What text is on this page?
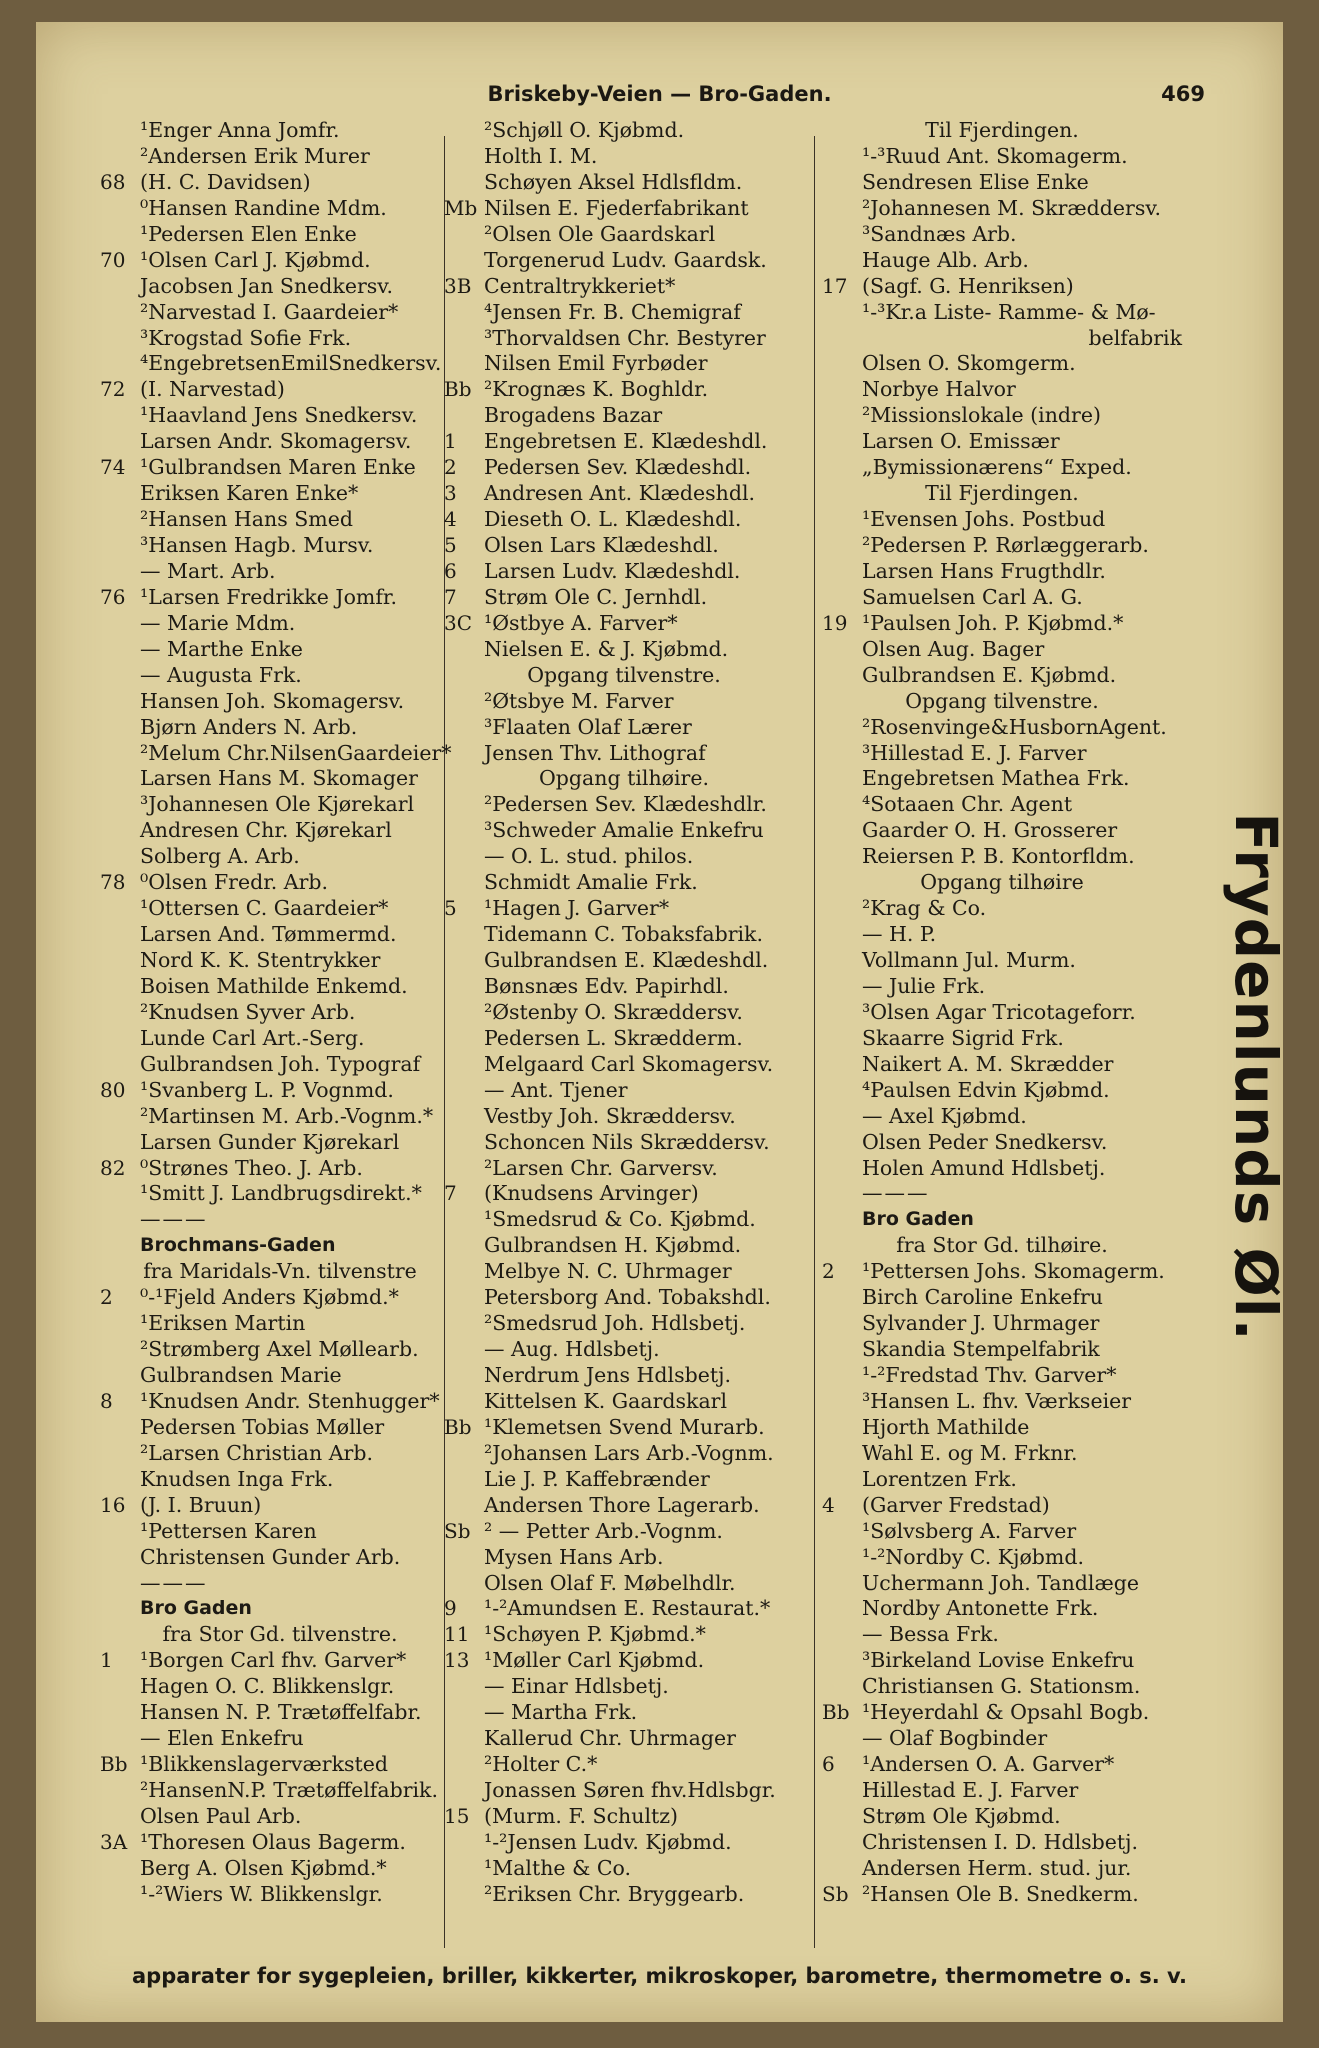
Briskeby-Veien — Bro-Gaden.	469
¹Enger Anna Jomfr.
²Andersen Erik Murer
68 (H. C. Davidsen)
⁰Hansen Randine Mdm.
¹Pedersen Elen Enke
70 ¹Olsen Carl J. Kjøbmd.
Jacobsen Jan Snedkersv.
²Narvestad I. Gaardeier*
³Krogstad Sofie Frk.
⁴EngebretsenEmilSnedkersv.
72 (I. Narvestad)
¹Haavland Jens Snedkersv.
Larsen Andr. Skomagersv.
74 ¹Gulbrandsen Maren Enke
Eriksen Karen Enke*
²Hansen Hans Smed
³Hansen Hagb. Mursv.
— Mart. Arb.
76 ¹Larsen Fredrikke Jomfr.
— Marie Mdm.
— Marthe Enke
— Augusta Frk.
Hansen Joh. Skomagersv.
Bjørn Anders N. Arb.
²Melum Chr.NilsenGaardeier*
Larsen Hans M. Skomager
³Johannesen Ole Kjørekarl
Andresen Chr. Kjørekarl
Solberg A. Arb.
78 ⁰Olsen Fredr. Arb.
¹Ottersen C. Gaardeier*
Larsen And. Tømmermd.
Nord K. K. Stentrykker
Boisen Mathilde Enkemd.
²Knudsen Syver Arb.
Lunde Carl Art.-Serg.
Gulbrandsen Joh. Typograf
80 ¹Svanberg L. P. Vognmd.
²Martinsen M. Arb.-Vognm.*
Larsen Gunder Kjørekarl
82 ⁰Strønes Theo. J. Arb.
¹Smitt J. Landbrugsdirekt.*
———
Brochmans-Gaden
fra Maridals-Vn. tilvenstre
2	⁰-¹Fjeld Anders Kjøbmd.*
¹Eriksen Martin
²Strømberg Axel Møllearb.
Gulbrandsen Marie
8	¹Knudsen Andr. Stenhugger*
Pedersen Tobias Møller
²Larsen Christian Arb.
Knudsen Inga Frk.
16 (J. I. Bruun)
¹Pettersen Karen
Christensen Gunder Arb.
———
Bro Gaden
fra Stor Gd. tilvenstre.
1	¹Borgen Carl fhv. Garver*
Hagen O. C. Blikkenslgr.
Hansen N. P. Trætøffelfabr.
— Elen Enkefru
Bb ¹Blikkenslagerværksted
²HansenN.P. Trætøffelfabrik.
Olsen Paul Arb.
3A ¹Thoresen Olaus Bagerm.
Berg A. Olsen Kjøbmd.*
¹-²Wiers W. Blikkenslgr.
²Schjøll O. Kjøbmd.
Holth I. M.
Schøyen Aksel Hdlsfldm.
Mb Nilsen E. Fjederfabrikant
²Olsen Ole Gaardskarl
Torgenerud Ludv. Gaardsk.
3B Centraltrykkeriet*
⁴Jensen Fr. B. Chemigraf
³Thorvaldsen Chr. Bestyrer
Nilsen Emil Fyrbøder
Bb ²Krognæs K. Boghldr.
Brogadens Bazar
1	Engebretsen E. Klædeshdl.
2	Pedersen Sev. Klædeshdl.
3	Andresen Ant. Klædeshdl.
4	Dieseth O. L. Klædeshdl.
5	Olsen Lars Klædeshdl.
6	Larsen Ludv. Klædeshdl.
7	Strøm Ole C. Jernhdl.
3C ¹Østbye A. Farver*
Nielsen E. & J. Kjøbmd.
Opgang tilvenstre.
²Øtsbye M. Farver
³Flaaten Olaf Lærer
Jensen Thv. Lithograf
Opgang tilhøire.
²Pedersen Sev. Klædeshdlr.
³Schweder Amalie Enkefru
— O. L. stud. philos.
Schmidt Amalie Frk.
5	¹Hagen J. Garver*
Tidemann C. Tobaksfabrik.
Gulbrandsen E. Klædeshdl.
Bønsnæs Edv. Papirhdl.
²Østenby O. Skræddersv.
Pedersen L. Skrædderm.
Melgaard Carl Skomagersv.
— Ant. Tjener
Vestby Joh. Skræddersv.
Schoncen Nils Skræddersv.
²Larsen Chr. Garversv.
7	(Knudsens Arvinger)
¹Smedsrud & Co. Kjøbmd.
Gulbrandsen H. Kjøbmd.
Melbye N. C. Uhrmager
Petersborg And. Tobakshdl.
²Smedsrud Joh. Hdlsbetj.
— Aug. Hdlsbetj.
Nerdrum Jens Hdlsbetj.
Kittelsen K. Gaardskarl
Bb ¹Klemetsen Svend Murarb.
²Johansen Lars Arb.-Vognm.
Lie J. P. Kaffebrænder
Andersen Thore Lagerarb.
Sb ² — Petter Arb.-Vognm.
Mysen Hans Arb.
Olsen Olaf F. Møbelhdlr.
9	¹-²Amundsen E. Restaurat.*
11 ¹Schøyen P. Kjøbmd.*
13 ¹Møller Carl Kjøbmd.
— Einar Hdlsbetj.
— Martha Frk.
Kallerud Chr. Uhrmager
²Holter C.*
Jonassen Søren fhv.Hdlsbgr.
15 (Murm. F. Schultz)
¹-²Jensen Ludv. Kjøbmd.
¹Malthe & Co.
²Eriksen Chr. Bryggearb.
Til Fjerdingen.
¹-³Ruud Ant. Skomagerm.
Sendresen Elise Enke
²Johannesen M. Skræddersv.
³Sandnæs Arb.
Hauge Alb. Arb.
17 (Sagf. G. Henriksen)
¹-³Kr.a Liste- Ramme- & Mø-
belfabrik
Olsen O. Skomgerm.
Norbye Halvor
²Missionslokale (indre)
Larsen O. Emissær
„Bymissionærens“ Exped.
Til Fjerdingen.
¹Evensen Johs. Postbud
²Pedersen P. Rørlæggerarb.
Larsen Hans Frugthdlr.
Samuelsen Carl A. G.
19 ¹Paulsen Joh. P. Kjøbmd.*
Olsen Aug. Bager
Gulbrandsen E. Kjøbmd.
Opgang tilvenstre.
²Rosenvinge&HusbornAgent.
³Hillestad E. J. Farver
Engebretsen Mathea Frk.
⁴Sotaaen Chr. Agent
Gaarder O. H. Grosserer
Reiersen P. B. Kontorfldm.
Opgang tilhøire
²Krag & Co.
— H. P.
Vollmann Jul. Murm.
— Julie Frk.
³Olsen Agar Tricotageforr.
Skaarre Sigrid Frk.
Naikert A. M. Skrædder
⁴Paulsen Edvin Kjøbmd.
— Axel Kjøbmd.
Olsen Peder Snedkersv.
Holen Amund Hdlsbetj.
———
Bro Gaden
fra Stor Gd. tilhøire.
2	¹Pettersen Johs. Skomagerm.
Birch Caroline Enkefru
Sylvander J. Uhrmager
Skandia Stempelfabrik
¹-²Fredstad Thv. Garver*
³Hansen L. fhv. Værkseier
Hjorth Mathilde
Wahl E. og M. Frknr.
Lorentzen Frk.
4	(Garver Fredstad)
¹Sølvsberg A. Farver
¹-²Nordby C. Kjøbmd.
Uchermann Joh. Tandlæge
Nordby Antonette Frk.
— Bessa Frk.
³Birkeland Lovise Enkefru
Christiansen G. Stationsm.
Bb ¹Heyerdahl & Opsahl Bogb.
— Olaf Bogbinder
6	¹Andersen O. A. Garver*
Hillestad E. J. Farver
Strøm Ole Kjøbmd.
Christensen I. D. Hdlsbetj.
Andersen Herm. stud. jur.
Sb ²Hansen Ole B. Snedkerm.
Frydenlunds Øl.
apparater for sygepleien, briller, kikkerter, mikroskoper, barometre, thermometre o. s. v.
